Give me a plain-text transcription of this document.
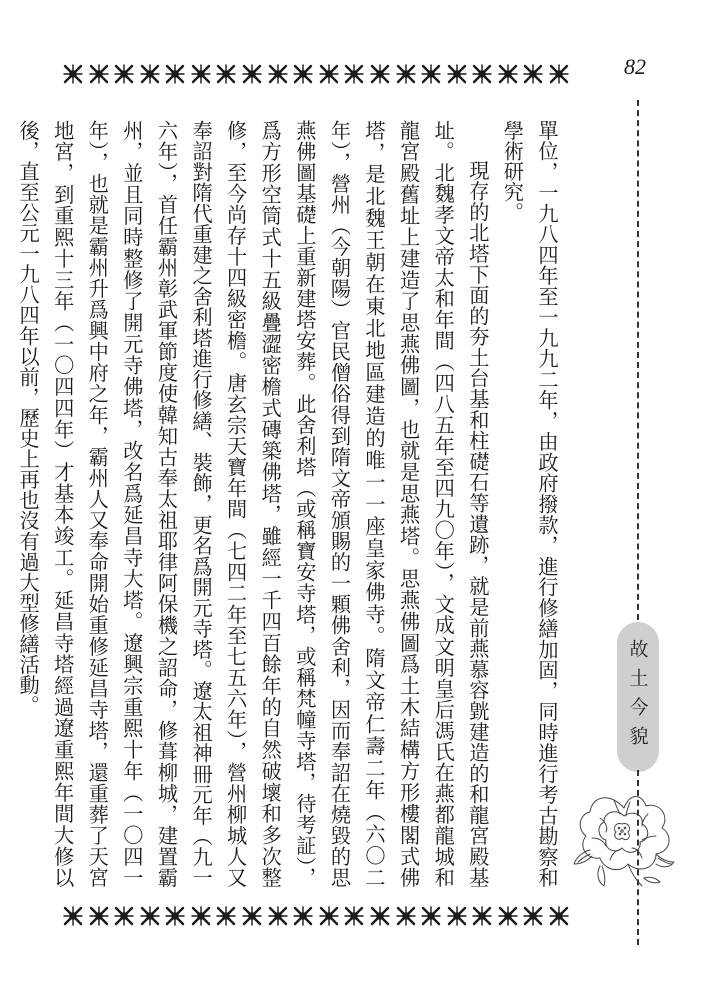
82
故土今貌

單位，一九八四年至一九九二年，由政府撥款，進行修繕加固，同時進行考古勘察和學術研究。

現存的北塔下面的夯土台基和柱礎石等遺跡，就是前燕慕容皝建造的和龍宮殿基址。北魏孝文帝太和年間（四八五年至四九〇年），文成文明皇后馮氏在燕都龍城和龍宮殿舊址上建造了思燕佛圖，也就是思燕塔。思燕佛圖爲土木結構方形樓閣式佛塔，是北魏王朝在東北地區建造的唯一一座皇家佛寺。隋文帝仁壽二年（六〇二年），營州（今朝陽）官民僧俗得到隋文帝頒賜的一顆佛舍利，因而奉詔在燒毀的思燕佛圖基礎上重新建塔安葬。此舍利塔（或稱寶安寺塔，或稱梵幢寺塔，待考証），爲方形空筒式十五級疊澀密檐式磚築佛塔，雖經一千四百餘年的自然破壞和多次整修，至今尚存十四級密檐。唐玄宗天寶年間（七四二年至七五六年），營州柳城人又奉詔對隋代重建之舍利塔進行修繕、裝飾，更名爲開元寺塔。遼太祖神冊元年（九一六年），首任霸州彰武軍節度使韓知古奉太祖耶律阿保機之詔命，修葺柳城，建置霸州，並且同時整修了開元寺佛塔，改名爲延昌寺大塔。遼興宗重熙十年（一〇四一年），也就是霸州升爲興中府之年，霸州人又奉命開始重修延昌寺塔，還重葬了天宮地宮，到重熙十三年（一〇四四年）才基本竣工。延昌寺塔經過遼重熙年間大修以後，直至公元一九八四年以前，歷史上再也沒有過大型修繕活動。
